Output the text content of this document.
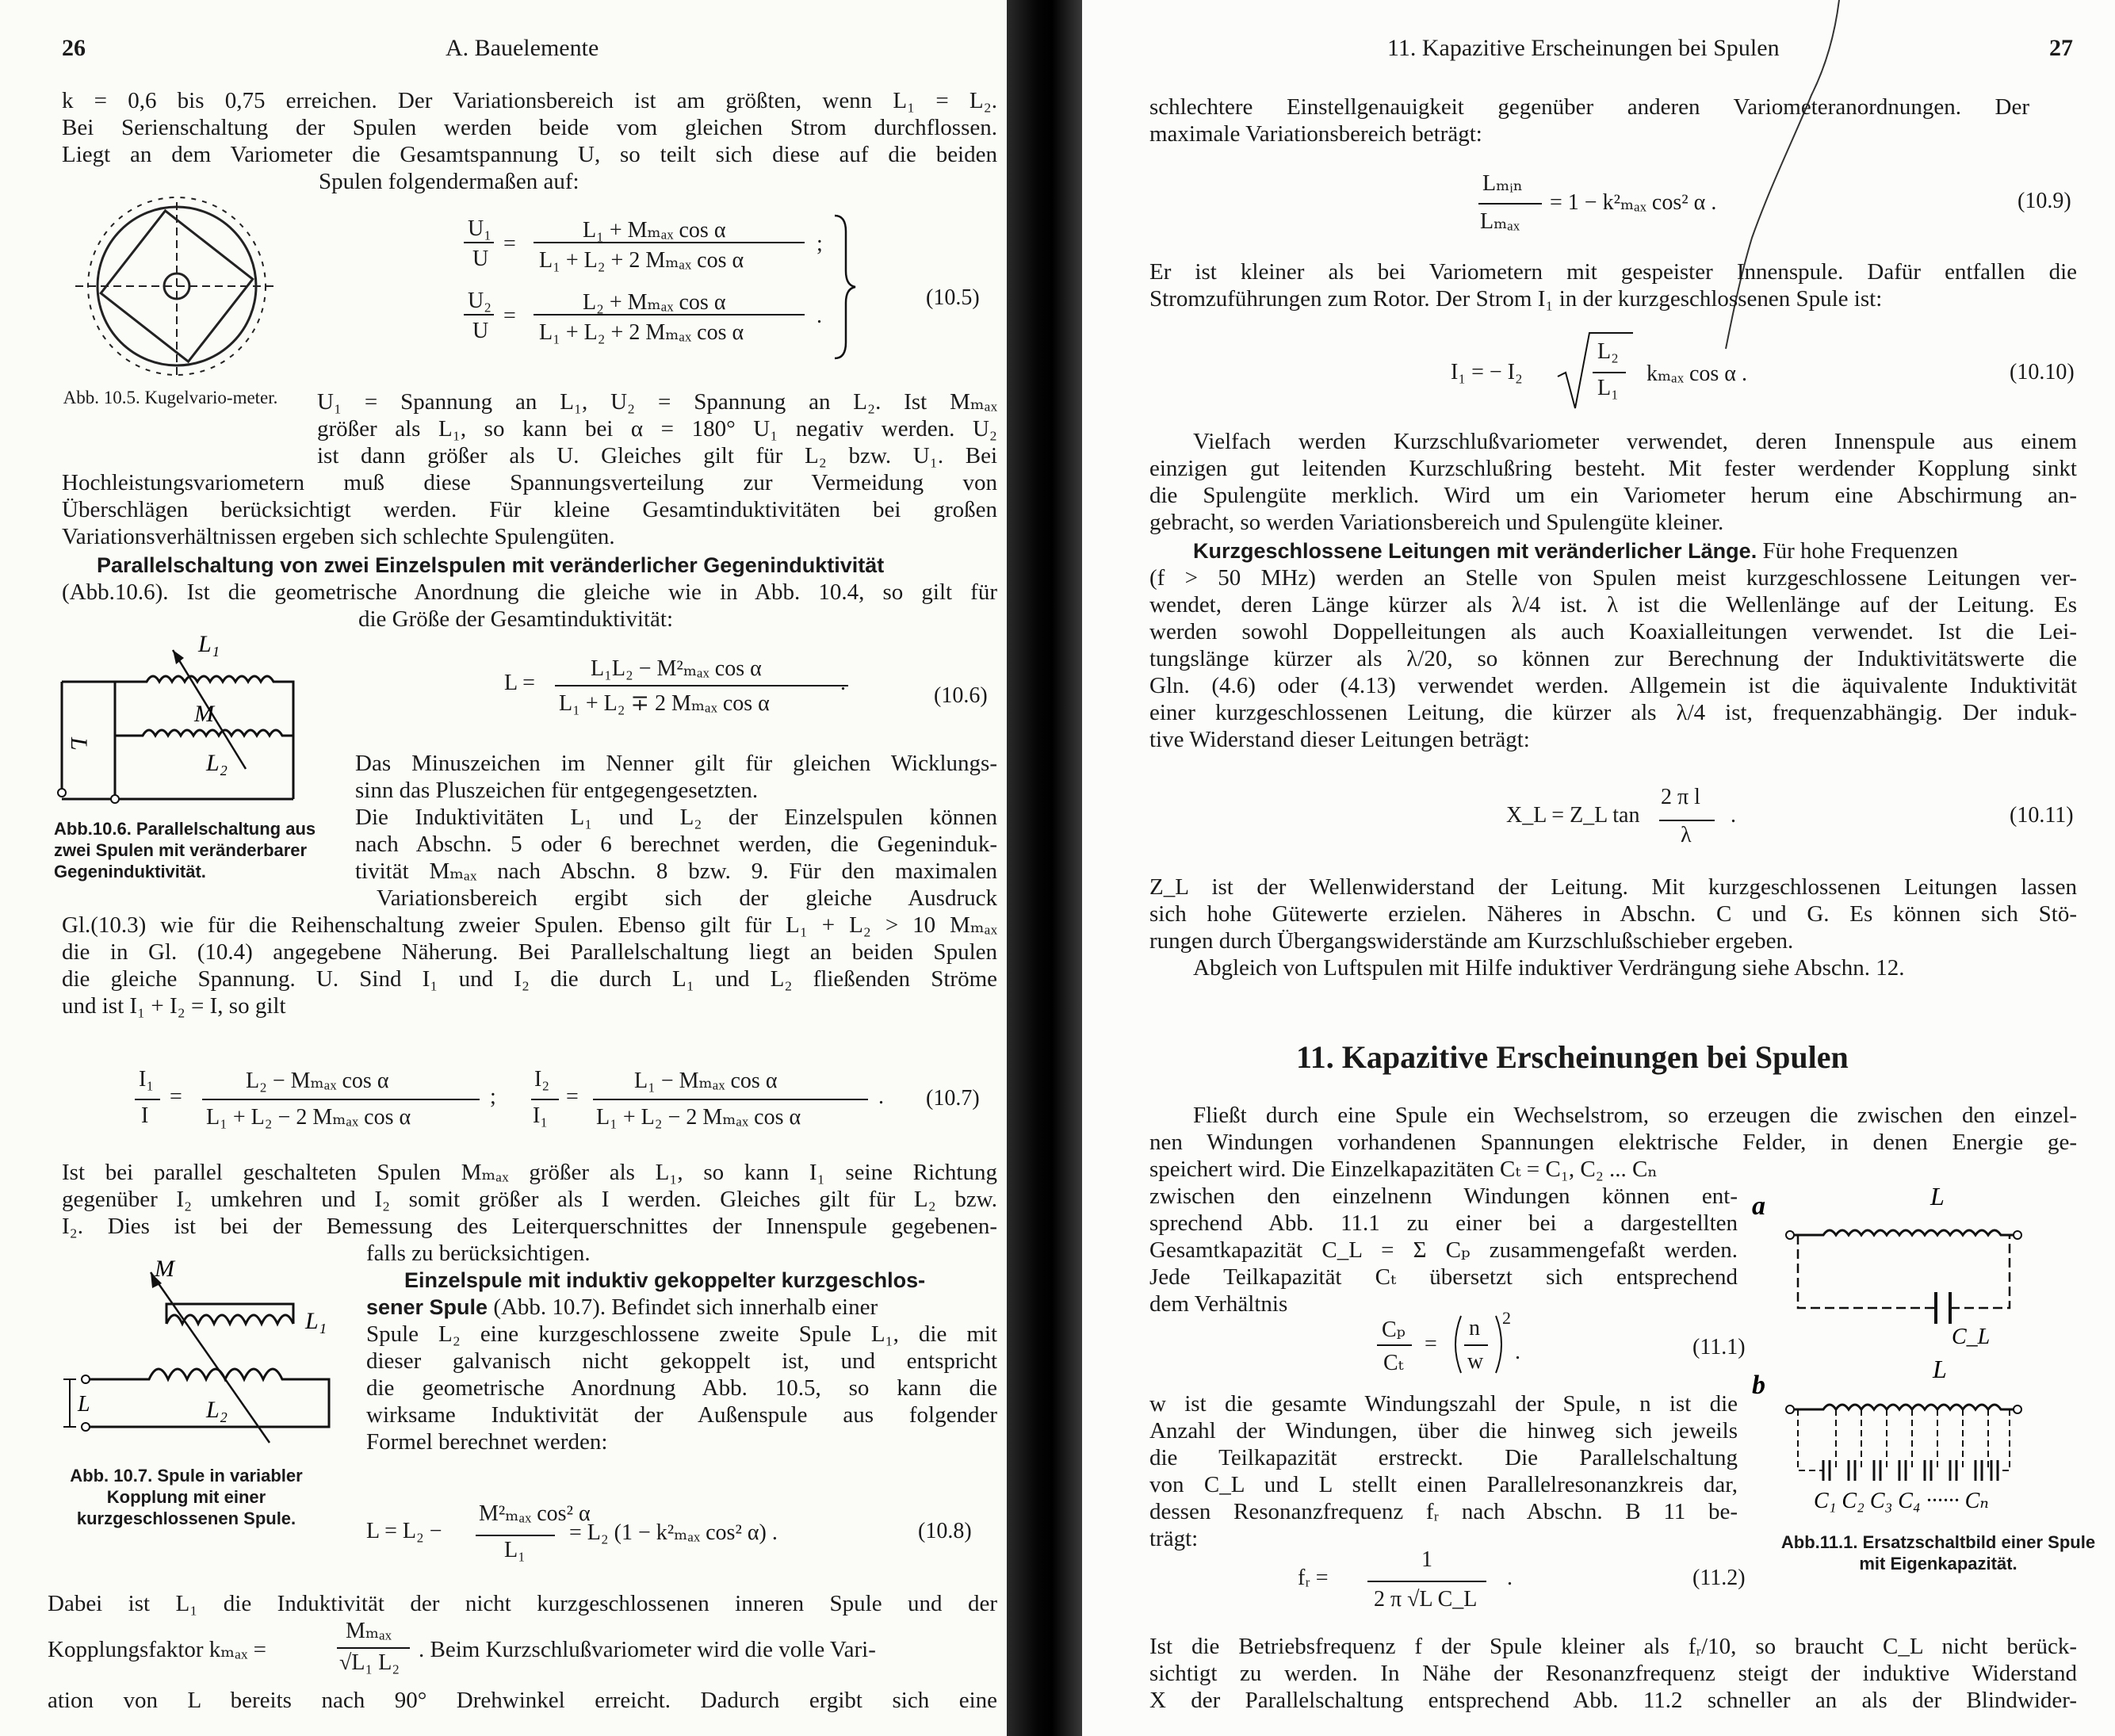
26	A. Bauelemente
k = 0,6 bis 0,75 erreichen. Der Variationsbereich ist am größten, wenn L₁ = L₂.
Bei Serienschaltung der Spulen werden beide vom gleichen Strom durchflossen.
Liegt an dem Variometer die Gesamtspannung U, so teilt sich diese auf die beiden
Spulen folgendermaßen auf:
Abb. 10.5. Kugelvario-meter.
U₁
U
=
L₁ + Mₘₐₓ cos α
L₁ + L₂ + 2 Mₘₐₓ cos α
;
U₂
U
=
L₂ + Mₘₐₓ cos α
L₁ + L₂ + 2 Mₘₐₓ cos α
.
(10.5)
U₁ = Spannung an L₁, U₂ = Spannung an L₂. Ist Mₘₐₓ
größer als L₁, so kann bei α = 180° U₁ negativ werden. U₂
ist dann größer als U. Gleiches gilt für L₂ bzw. U₁. Bei
Hochleistungsvariometern muß diese Spannungsverteilung zur Vermeidung von
Überschlägen berücksichtigt werden. Für kleine Gesamtinduktivitäten bei großen
Variationsverhältnissen ergeben sich schlechte Spulengüten.
Parallelschaltung von zwei Einzelspulen mit veränderlicher Gegeninduktivität
(Abb.10.6). Ist die geometrische Anordnung die gleiche wie in Abb. 10.4, so gilt für
die Größe der Gesamtinduktivität:
L₁
M
L₂
L
Abb.10.6. Parallelschaltung aus zwei Spulen mit veränderbarer Gegeninduktivität.
L =
L₁L₂ − M²ₘₐₓ cos α
L₁ + L₂ ∓ 2 Mₘₐₓ cos α
.
(10.6)
Das Minuszeichen im Nenner gilt für gleichen Wicklungs-
sinn das Pluszeichen für entgegengesetzten.
Die Induktivitäten L₁ und L₂ der Einzelspulen können
nach Abschn. 5 oder 6 berechnet werden, die Gegeninduk-
tivität Mₘₐₓ nach Abschn. 8 bzw. 9. Für den maximalen
Variationsbereich ergibt sich der gleiche Ausdruck
Gl.(10.3) wie für die Reihenschaltung zweier Spulen. Ebenso gilt für L₁ + L₂ > 10 Mₘₐₓ
die in Gl. (10.4) angegebene Näherung. Bei Parallelschaltung liegt an beiden Spulen
die gleiche Spannung. U. Sind I₁ und I₂ die durch L₁ und L₂ fließenden Ströme
und ist I₁ + I₂ = I, so gilt
I₁
I
=
L₂ − Mₘₐₓ cos α
L₁ + L₂ − 2 Mₘₐₓ cos α
;
I₂
I₁
=
L₁ − Mₘₐₓ cos α
L₁ + L₂ − 2 Mₘₐₓ cos α
. (10.7)
Ist bei parallel geschalteten Spulen Mₘₐₓ größer als L₁, so kann I₁ seine Richtung
gegenüber I₂ umkehren und I₂ somit größer als I werden. Gleiches gilt für L₂ bzw.
I₂. Dies ist bei der Bemessung des Leiterquerschnittes der Innenspule gegebenen-
falls zu berücksichtigen.
Einzelspule mit induktiv gekoppelter kurzgeschlos-
sener Spule (Abb. 10.7). Befindet sich innerhalb einer
Spule L₂ eine kurzgeschlossene zweite Spule L₁, die mit
dieser galvanisch nicht gekoppelt ist, und entspricht
die geometrische Anordnung Abb. 10.5, so kann die
wirksame Induktivität der Außenspule aus folgender
Formel berechnet werden:
M
L₁
L₂
L
Abb. 10.7. Spule in variabler Kopplung mit einer kurzgeschlossenen Spule.
L = L₂ −
M²ₘₐₓ cos² α
L₁
= L₂ (1 − k²ₘₐₓ cos² α) .	(10.8)
Dabei ist L₁ die Induktivität der nicht kurzgeschlossenen inneren Spule und der
Kopplungsfaktor kₘₐₓ =
Mₘₐₓ
√L₁ L₂
. Beim Kurzschlußvariometer wird die volle Vari-
ation von L bereits nach 90° Drehwinkel erreicht. Dadurch ergibt sich eine
11. Kapazitive Erscheinungen bei Spulen	27
schlechtere Einstellgenauigkeit gegenüber anderen Variometeranordnungen. Der
maximale Variationsbereich beträgt:
Lₘᵢₙ
Lₘₐₓ
= 1 − k²ₘₐₓ cos² α .	(10.9)
Er ist kleiner als bei Variometern mit gespeister Innenspule. Dafür entfallen die
Stromzuführungen zum Rotor. Der Strom I₁ in der kurzgeschlossenen Spule ist:
I₁ = − I₂
L₂
L₁
kₘₐₓ cos α .	(10.10)
Vielfach werden Kurzschlußvariometer verwendet, deren Innenspule aus einem
einzigen gut leitenden Kurzschlußring besteht. Mit fester werdender Kopplung sinkt
die Spulengüte merklich. Wird um ein Variometer herum eine Abschirmung an-
gebracht, so werden Variationsbereich und Spulengüte kleiner.
Kurzgeschlossene Leitungen mit veränderlicher Länge. Für hohe Frequenzen
(f > 50 MHz) werden an Stelle von Spulen meist kurzgeschlossene Leitungen ver-
wendet, deren Länge kürzer als λ/4 ist. λ ist die Wellenlänge auf der Leitung. Es
werden sowohl Doppelleitungen als auch Koaxialleitungen verwendet. Ist die Lei-
tungslänge kürzer als λ/20, so können zur Berechnung der Induktivitätswerte die
Gln. (4.6) oder (4.13) verwendet werden. Allgemein ist die äquivalente Induktivität
einer kurzgeschlossenen Leitung, die kürzer als λ/4 ist, frequenzabhängig. Der induk-
tive Widerstand dieser Leitungen beträgt:
X_L = Z_L tan
2 π l
λ
.	(10.11)
Z_L ist der Wellenwiderstand der Leitung. Mit kurzgeschlossenen Leitungen lassen
sich hohe Gütewerte erzielen. Näheres in Abschn. C und G. Es können sich Stö-
rungen durch Übergangswiderstände am Kurzschlußschieber ergeben.
Abgleich von Luftspulen mit Hilfe induktiver Verdrängung siehe Abschn. 12.
11. Kapazitive Erscheinungen bei Spulen
Fließt durch eine Spule ein Wechselstrom, so erzeugen die zwischen den einzel-
nen Windungen vorhandenen Spannungen elektrische Felder, in denen Energie ge-
speichert wird. Die Einzelkapazitäten Cₜ = C₁, C₂ ... Cₙ
zwischen den einzelnenn Windungen können ent-
sprechend Abb. 11.1 zu einer bei a dargestellten
Gesamtkapazität C_L = Σ Cₚ zusammengefaßt werden.
Jede Teilkapazität Cₜ übersetzt sich entsprechend
dem Verhältnis
Cₚ
Cₜ
=
n
w
2
.	(11.1)
w ist die gesamte Windungszahl der Spule, n ist die
Anzahl der Windungen, über die hinweg sich jeweils
die Teilkapazität erstreckt. Die Parallelschaltung
von C_L und L stellt einen Parallelresonanzkreis dar,
dessen Resonanzfrequenz fᵣ nach Abschn. B 11 be-
trägt:
fᵣ =
1
2 π √L C_L
.	(11.2)
a	L
C_L
b
L
C₁ C₂ C₃ C₄ ······ Cₙ
Abb.11.1. Ersatzschaltbild einer Spule mit Eigenkapazität.
Ist die Betriebsfrequenz f der Spule kleiner als fᵣ/10, so braucht C_L nicht berück-
sichtigt zu werden. In Nähe der Resonanzfrequenz steigt der induktive Widerstand
X der Parallelschaltung entsprechend Abb. 11.2 schneller an als der Blindwider-
